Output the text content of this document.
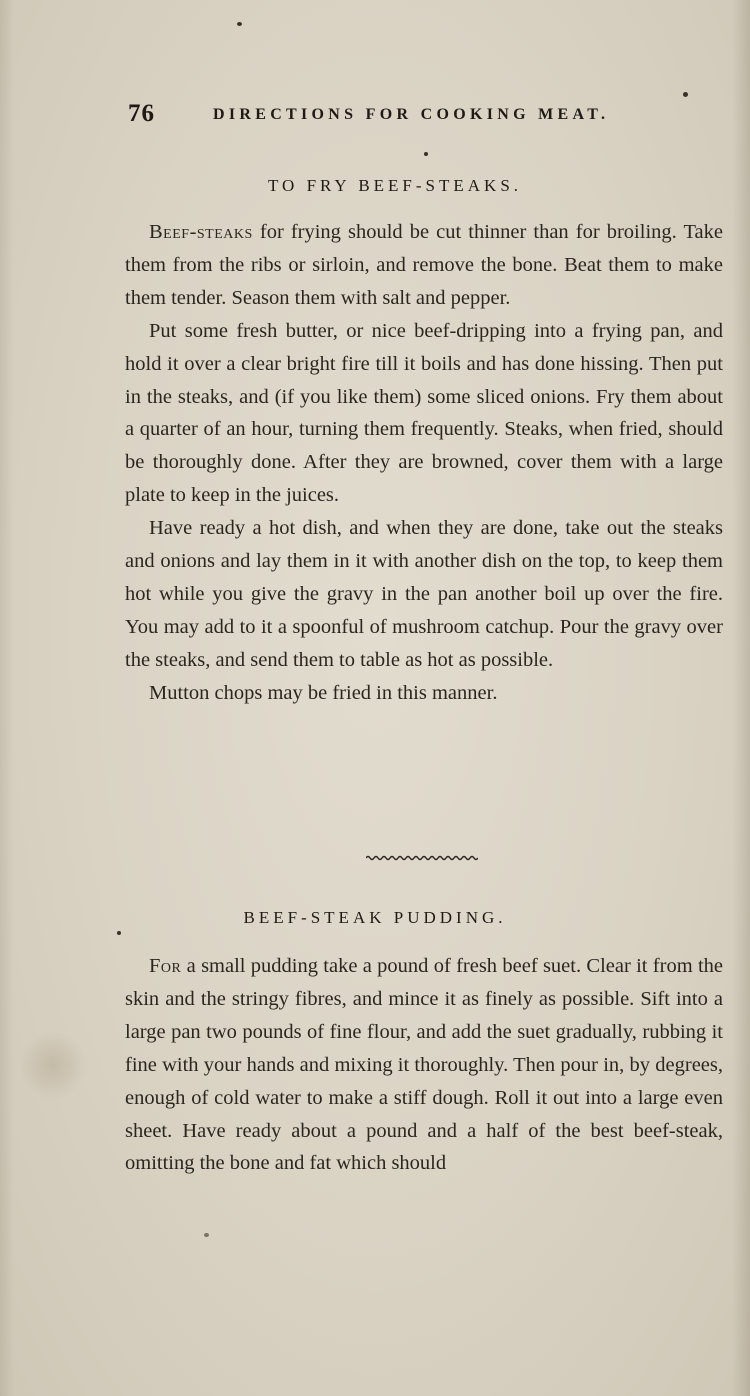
76	DIRECTIONS FOR COOKING MEAT.
TO FRY BEEF-STEAKS.

Beef-steaks for frying should be cut thinner than for broiling. Take them from the ribs or sirloin, and remove the bone. Beat them to make them tender. Season them with salt and pepper.

Put some fresh butter, or nice beef-dripping into a frying pan, and hold it over a clear bright fire till it boils and has done hissing. Then put in the steaks, and (if you like them) some sliced onions. Fry them about a quarter of an hour, turning them frequently. Steaks, when fried, should be thoroughly done. After they are browned, cover them with a large plate to keep in the juices.

Have ready a hot dish, and when they are done, take out the steaks and onions and lay them in it with another dish on the top, to keep them hot while you give the gravy in the pan another boil up over the fire. You may add to it a spoonful of mushroom catchup. Pour the gravy over the steaks, and send them to table as hot as possible.

Mutton chops may be fried in this manner.

BEEF-STEAK PUDDING.

For a small pudding take a pound of fresh beef suet. Clear it from the skin and the stringy fibres, and mince it as finely as possible. Sift into a large pan two pounds of fine flour, and add the suet gradually, rubbing it fine with your hands and mixing it thoroughly. Then pour in, by degrees, enough of cold water to make a stiff dough. Roll it out into a large even sheet. Have ready about a pound and a half of the best beef-steak, omitting the bone and fat which should
